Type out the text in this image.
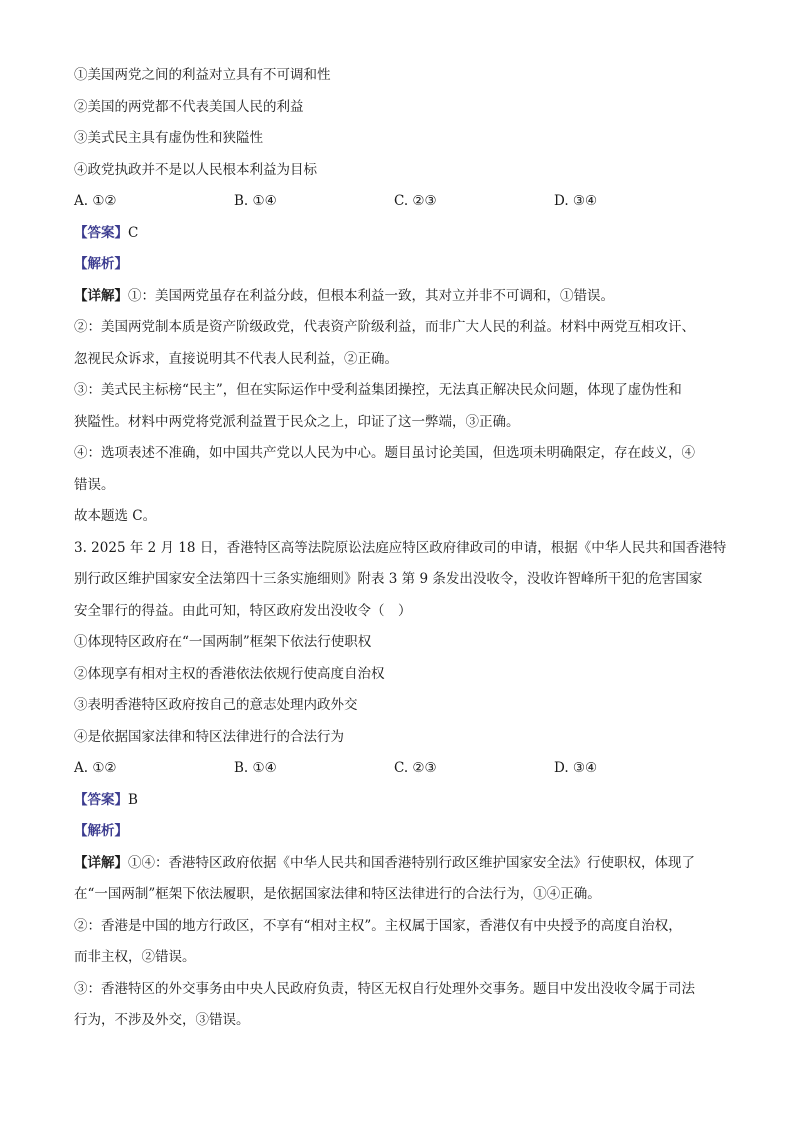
①美国两党之间的利益对立具有不可调和性
②美国的两党都不代表美国人民的利益
③美式民主具有虚伪性和狭隘性
④政党执政并不是以人民根本利益为目标
A. ①②	B. ①④	C. ②③	D. ③④
【答案】C
【解析】
【详解】①：美国两党虽存在利益分歧，但根本利益一致，其对立并非不可调和，①错误。
②：美国两党制本质是资产阶级政党，代表资产阶级利益，而非广大人民的利益。材料中两党互相攻讦、
忽视民众诉求，直接说明其不代表人民利益，②正确。
③：美式民主标榜“民主”，但在实际运作中受利益集团操控，无法真正解决民众问题，体现了虚伪性和
狭隘性。材料中两党将党派利益置于民众之上，印证了这一弊端，③正确。
④：选项表述不准确，如中国共产党以人民为中心。题目虽讨论美国，但选项未明确限定，存在歧义，④
错误。
故本题选 C。
3. 2025 年 2 月 18 日，香港特区高等法院原讼法庭应特区政府律政司的申请，根据《中华人民共和国香港特
别行政区维护国家安全法第四十三条实施细则》附表 3 第 9 条发出没收令，没收许智峰所干犯的危害国家
安全罪行的得益。由此可知，特区政府发出没收令（　）
①体现特区政府在“一国两制”框架下依法行使职权
②体现享有相对主权的香港依法依规行使高度自治权
③表明香港特区政府按自己的意志处理内政外交
④是依据国家法律和特区法律进行的合法行为
A. ①②	B. ①④	C. ②③	D. ③④
【答案】B
【解析】
【详解】①④：香港特区政府依据《中华人民共和国香港特别行政区维护国家安全法》行使职权，体现了
在“一国两制”框架下依法履职，是依据国家法律和特区法律进行的合法行为，①④正确。
②：香港是中国的地方行政区，不享有“相对主权”。主权属于国家，香港仅有中央授予的高度自治权，
而非主权，②错误。
③：香港特区的外交事务由中央人民政府负责，特区无权自行处理外交事务。题目中发出没收令属于司法
行为，不涉及外交，③错误。
